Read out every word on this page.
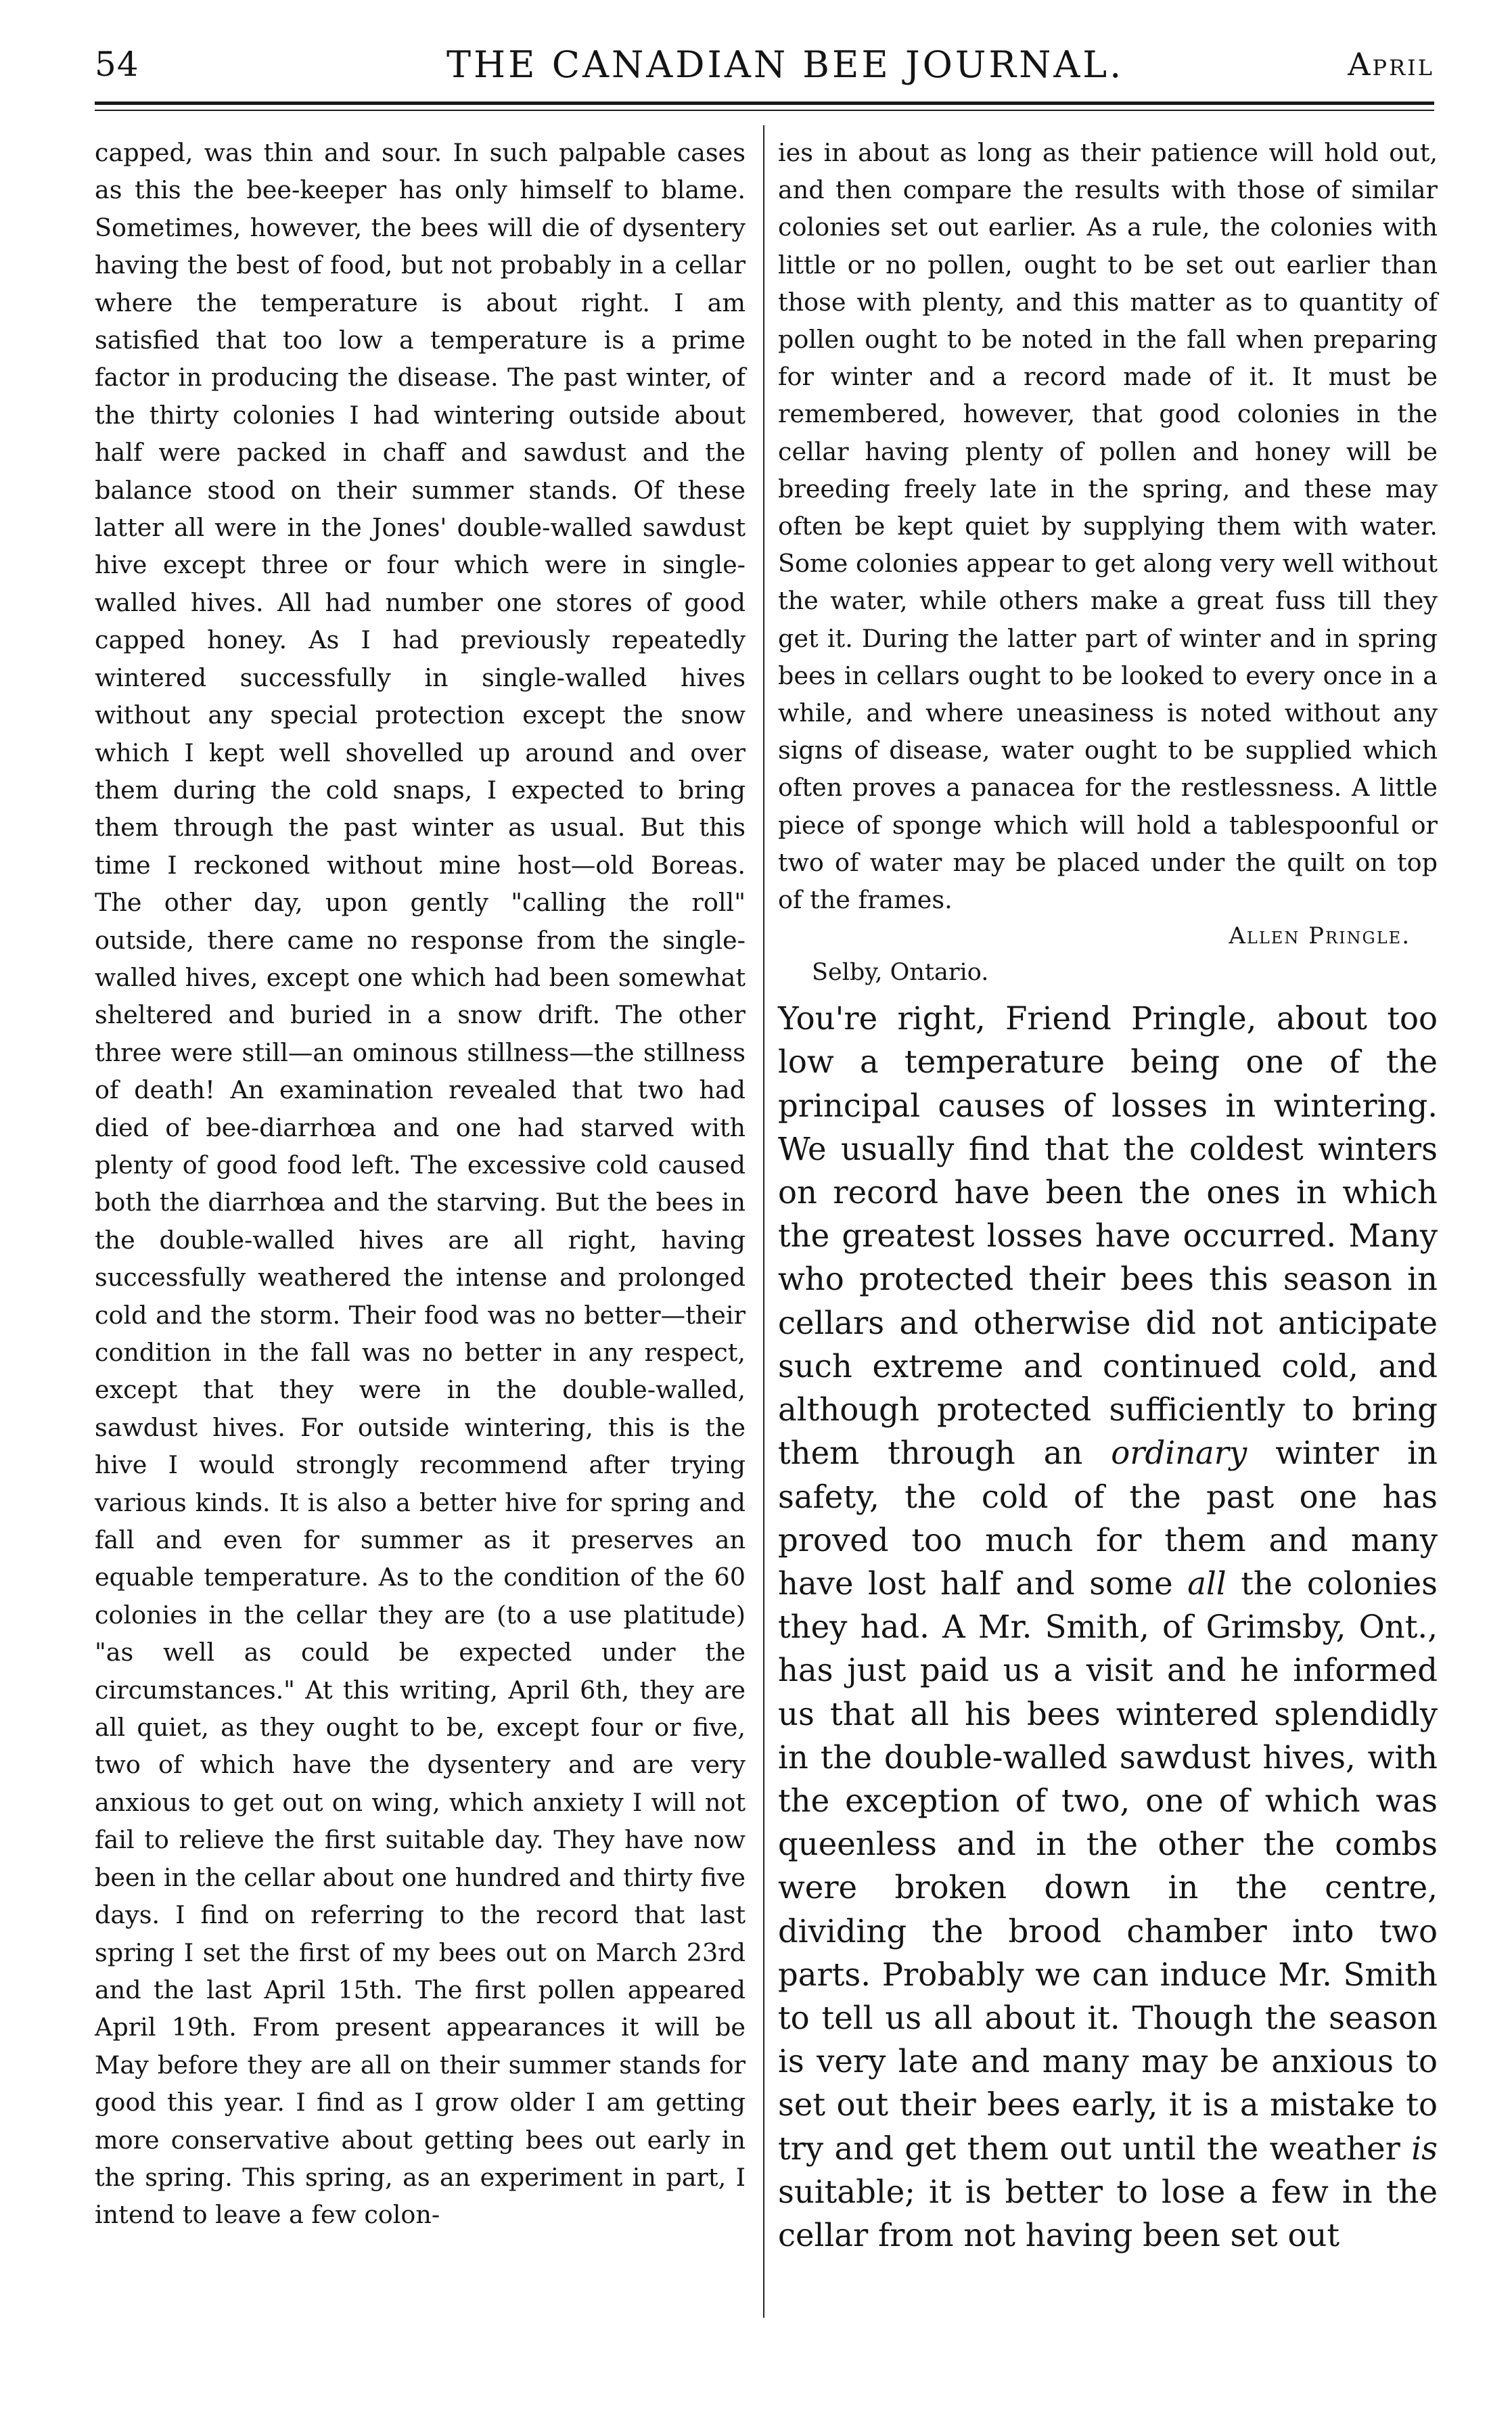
54	THE CANADIAN BEE JOURNAL.	April

capped, was thin and sour. In such palpable cases as this the bee-keeper has only himself to blame. Sometimes, however, the bees will die of dysentery having the best of food, but not probably in a cellar where the temperature is about right. I am satisfied that too low a temperature is a prime factor in producing the disease. The past winter, of the thirty colonies I had wintering outside about half were packed in chaff and sawdust and the balance stood on their summer stands. Of these latter all were in the Jones' double-walled sawdust hive except three or four which were in single-walled hives. All had number one stores of good capped honey. As I had previously repeatedly wintered successfully in single-walled hives without any special protection except the snow which I kept well shovelled up around and over them during the cold snaps, I expected to bring them through the past winter as usual. But this time I reckoned without mine host—old Boreas. The other day, upon gently "calling the roll" outside, there came no response from the single-walled hives, except one which had been somewhat sheltered and buried in a snow drift. The other three were still—an ominous stillness—the stillness of death! An examination revealed that two had died of bee-diarrhœa and one had starved with plenty of good food left. The excessive cold caused both the diarrhœa and the starving. But the bees in the double-walled hives are all right, having successfully weathered the intense and prolonged cold and the storm. Their food was no better—their condition in the fall was no better in any respect, except that they were in the double-walled, sawdust hives. For outside wintering, this is the hive I would strongly recommend after trying various kinds. It is also a better hive for spring and fall and even for summer as it preserves an equable temperature. As to the condition of the 60 colonies in the cellar they are (to a use platitude) "as well as could be expected under the circumstances." At this writing, April 6th, they are all quiet, as they ought to be, except four or five, two of which have the dysentery and are very anxious to get out on wing, which anxiety I will not fail to relieve the first suitable day. They have now been in the cellar about one hundred and thirty five days. I find on referring to the record that last spring I set the first of my bees out on March 23rd and the last April 15th. The first pollen appeared April 19th. From present appearances it will be May before they are all on their summer stands for good this year. I find as I grow older I am getting more conservative about getting bees out early in the spring. This spring, as an experiment in part, I intend to leave a few colon-

ies in about as long as their patience will hold out, and then compare the results with those of similar colonies set out earlier. As a rule, the colonies with little or no pollen, ought to be set out earlier than those with plenty, and this matter as to quantity of pollen ought to be noted in the fall when preparing for winter and a record made of it. It must be remembered, however, that good colonies in the cellar having plenty of pollen and honey will be breeding freely late in the spring, and these may often be kept quiet by supplying them with water. Some colonies appear to get along very well without the water, while others make a great fuss till they get it. During the latter part of winter and in spring bees in cellars ought to be looked to every once in a while, and where uneasiness is noted without any signs of disease, water ought to be supplied which often proves a panacea for the restlessness. A little piece of sponge which will hold a tablespoonful or two of water may be placed under the quilt on top of the frames.

Allen Pringle.

Selby, Ontario.

You're right, Friend Pringle, about too low a temperature being one of the principal causes of losses in wintering. We usually find that the coldest winters on record have been the ones in which the greatest losses have occurred. Many who protected their bees this season in cellars and otherwise did not anticipate such extreme and continued cold, and although protected sufficiently to bring them through an ordinary winter in safety, the cold of the past one has proved too much for them and many have lost half and some all the colonies they had. A Mr. Smith, of Grimsby, Ont., has just paid us a visit and he informed us that all his bees wintered splendidly in the double-walled sawdust hives, with the exception of two, one of which was queenless and in the other the combs were broken down in the centre, dividing the brood chamber into two parts. Probably we can induce Mr. Smith to tell us all about it. Though the season is very late and many may be anxious to set out their bees early, it is a mistake to try and get them out until the weather is suitable; it is better to lose a few in the cellar from not having been set out
